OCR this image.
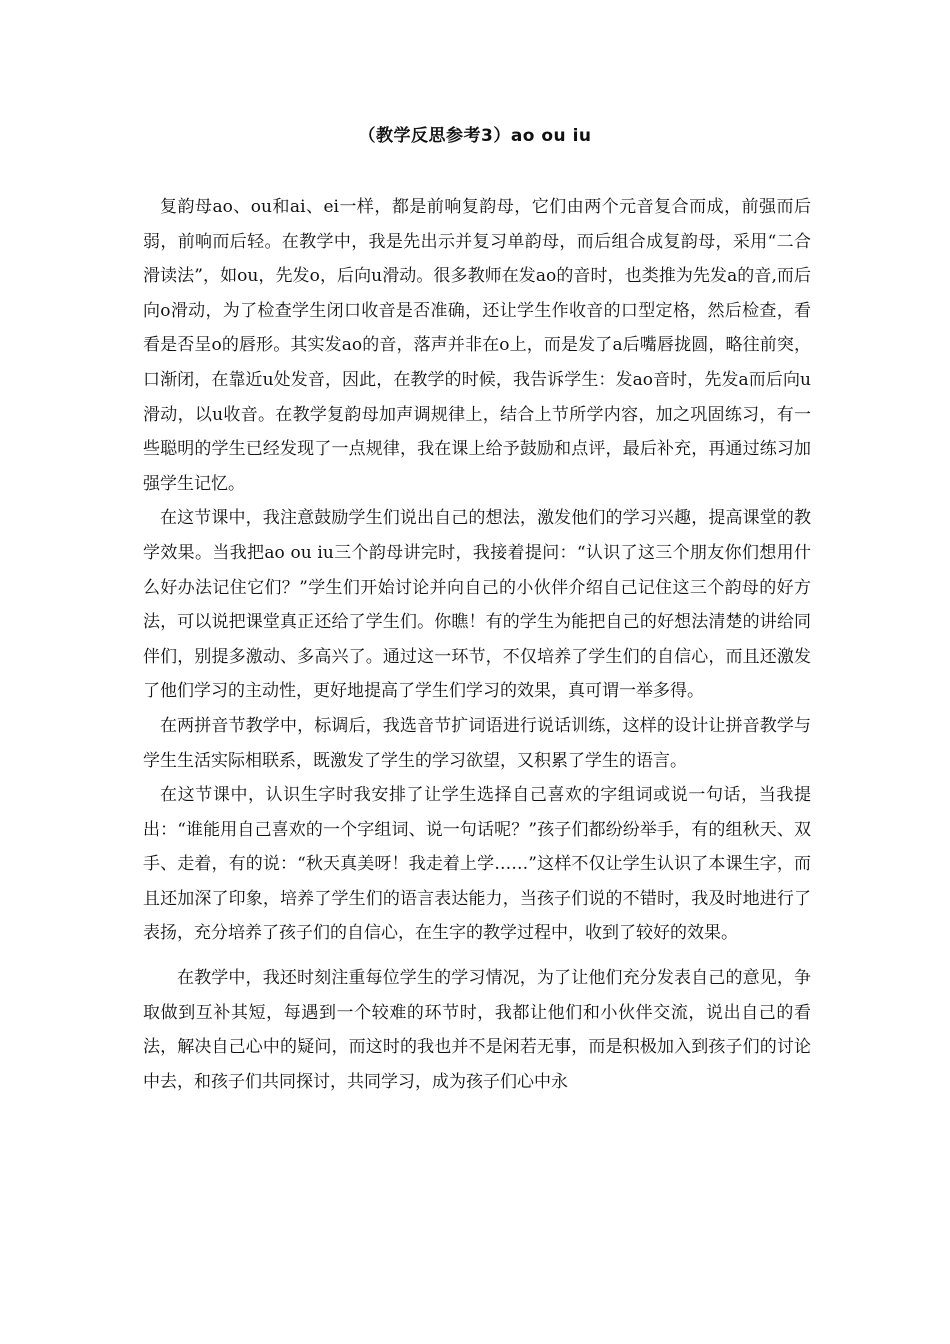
（教学反思参考3）ao ou iu

复韵母ao、ou和ai、ei一样，都是前响复韵母，它们由两个元音复合而成，前强而后弱，前响而后轻。在教学中，我是先出示并复习单韵母，而后组合成复韵母，采用“二合滑读法”，如ou，先发o，后向u滑动。很多教师在发ao的音时，也类推为先发a的音,而后向o滑动，为了检查学生闭口收音是否准确，还让学生作收音的口型定格，然后检查，看看是否呈o的唇形。其实发ao的音，落声并非在o上，而是发了a后嘴唇拢圆，略往前突，口渐闭，在靠近u处发音，因此，在教学的时候，我告诉学生：发ao音时，先发a而后向u滑动，以u收音。在教学复韵母加声调规律上，结合上节所学内容，加之巩固练习，有一些聪明的学生已经发现了一点规律，我在课上给予鼓励和点评，最后补充，再通过练习加强学生记忆。

在这节课中，我注意鼓励学生们说出自己的想法，激发他们的学习兴趣，提高课堂的教学效果。当我把ao ou iu三个韵母讲完时，我接着提问：“认识了这三个朋友你们想用什么好办法记住它们？”学生们开始讨论并向自己的小伙伴介绍自己记住这三个韵母的好方法，可以说把课堂真正还给了学生们。你瞧！有的学生为能把自己的好想法清楚的讲给同伴们，别提多激动、多高兴了。通过这一环节，不仅培养了学生们的自信心，而且还激发了他们学习的主动性，更好地提高了学生们学习的效果，真可谓一举多得。

在两拼音节教学中，标调后，我选音节扩词语进行说话训练，这样的设计让拼音教学与学生生活实际相联系，既激发了学生的学习欲望，又积累了学生的语言。

在这节课中，认识生字时我安排了让学生选择自己喜欢的字组词或说一句话，当我提出：“谁能用自己喜欢的一个字组词、说一句话呢？”孩子们都纷纷举手，有的组秋天、双手、走着，有的说：“秋天真美呀！我走着上学……”这样不仅让学生认识了本课生字，而且还加深了印象，培养了学生们的语言表达能力，当孩子们说的不错时，我及时地进行了表扬，充分培养了孩子们的自信心，在生字的教学过程中，收到了较好的效果。

在教学中，我还时刻注重每位学生的学习情况，为了让他们充分发表自己的意见，争取做到互补其短，每遇到一个较难的环节时，我都让他们和小伙伴交流，说出自己的看法，解决自己心中的疑问，而这时的我也并不是闲若无事，而是积极加入到孩子们的讨论中去，和孩子们共同探讨，共同学习，成为孩子们心中永
